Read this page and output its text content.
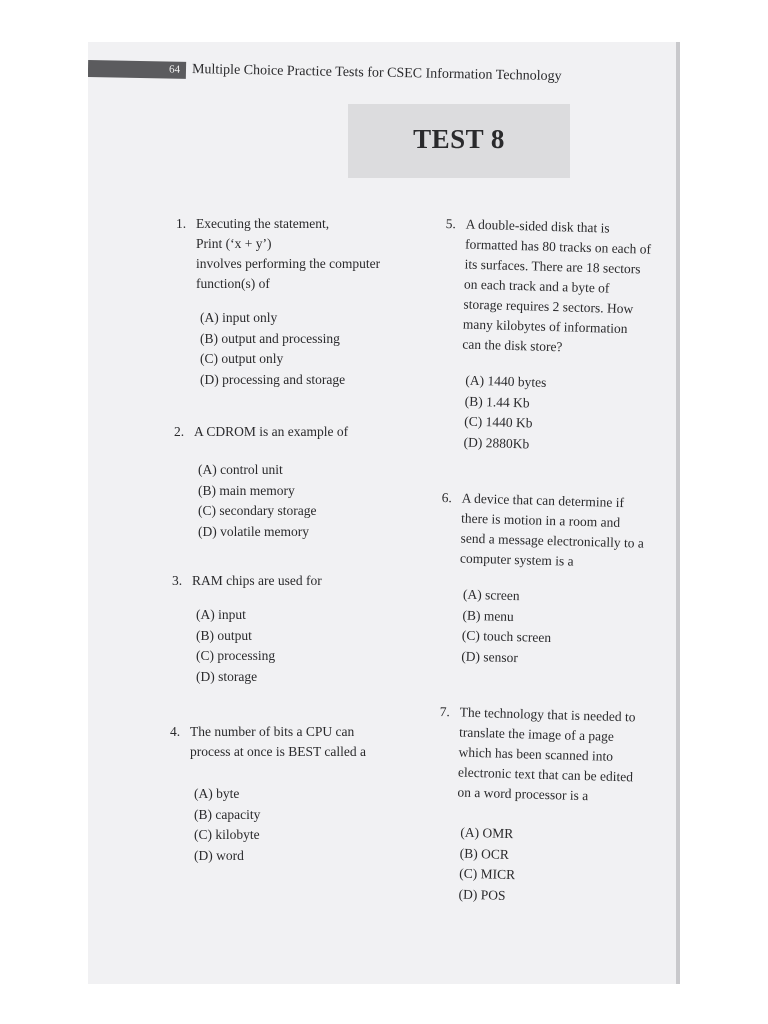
64 Multiple Choice Practice Tests for CSEC Information Technology
TEST 8
1. Executing the statement,
Print (‘x + y’)
involves performing the computer
function(s) of
(A) input only
(B) output and processing
(C) output only
(D) processing and storage
2. A CDROM is an example of
(A) control unit
(B) main memory
(C) secondary storage
(D) volatile memory
3. RAM chips are used for
(A) input
(B) output
(C) processing
(D) storage
4. The number of bits a CPU can
process at once is BEST called a
(A) byte
(B) capacity
(C) kilobyte
(D) word
5. A double-sided disk that is
formatted has 80 tracks on each of
its surfaces. There are 18 sectors
on each track and a byte of
storage requires 2 sectors. How
many kilobytes of information
can the disk store?
(A) 1440 bytes
(B) 1.44 Kb
(C) 1440 Kb
(D) 2880Kb
6. A device that can determine if
there is motion in a room and
send a message electronically to a
computer system is a
(A) screen
(B) menu
(C) touch screen
(D) sensor
7. The technology that is needed to
translate the image of a page
which has been scanned into
electronic text that can be edited
on a word processor is a
(A) OMR
(B) OCR
(C) MICR
(D) POS
